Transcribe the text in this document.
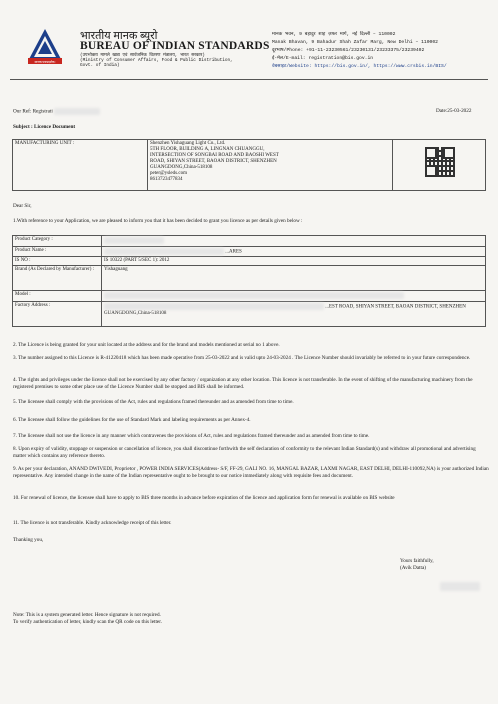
मानक:पथप्रदर्शक:
भारतीय मानक ब्यूरो
BUREAU OF INDIAN STANDARDS
(उपभोक्ता मामले खाद्य एवं सार्वजनिक वितरण मंत्रालय, भारत सरकार)
(Ministry of Consumer Affairs, Food & Public Distribution,
Govt. of India)
मानक भवन, 9 बहादुर शाह ज़फर मार्ग, नई दिल्ली – 110002
Manak Bhavan, 9 Bahadur Shah Zafar Marg, New Delhi – 110002
दूरभाष/Phone: +91-11-23230561/23230131/23233375/23239402
ई-मेल/E-mail: registration@bis.gov.in
वेबसाइट/Website: https://bis.gov.in/, https://www.crsbis.in/BIS/
Our Ref: Registrati	Date:25-03-2022
Subject : Licence Document
MANUFACTURING UNIT :	Shenzhen Yishaguang Light Co., Ltd.
5TH FLOOR, BUILDING A, LINGNAN CHUANGGU,
INTERSECTION OF SONGBAI ROAD AND BAOSHI WEST
ROAD, SHIYAN STREET, BAOAN DISTRICT, SHENZHEN
GUANGDONG,China-518108
peter@ysleds.com
8613723477834

Dear Sir,
1.With reference to your Application, we are pleased to inform you that it has been decided to grant you licence as per details given below :
Product Category :	
Product Name :	...ARES
IS NO :	IS 10322 (PART 5/SEC 1): 2012
Brand (As Declared by Manufacturer) :	Yishaguang
Model :	
Factory Address :	...EST ROAD, SHIYAN STREET, BAOAN DISTRICT, SHENZHEN GUANGDONG,China-518108
2. The Licence is being granted for your unit located at the address and for the brand and models mentioned at serial no 1 above.
3. The number assigned to this Licence is R-41220418 which has been made operative from 25-03-2022 and is valid upto 24-03-2024 . The Licence Number should invariably be referred to in your future correspondence.
4. The rights and privileges under the licence shall not be exercised by any other factory / organization at any other location. This licence is not transferable. In the event of shifting of the manufacturing machinery from the registered premises to some other place use of the Licence Number shall be stopped and BIS shall be informed.
5. The licensee shall comply with the provisions of the Act, rules and regulations framed thereunder and as amended from time to time.
6. The licensee shall follow the guidelines for the use of Standard Mark and labeling requirements as per Annex-4.
7. The licensee shall not use the licence in any manner which contravenes the provisions of Act, rules and regulations framed thereunder and as amended from time to time.
8. Upon expiry of validity, stoppage or suspension or cancellation of licence, you shall discontinue forthwith the self declaration of conformity to the relevant Indian Standard(s) and withdraw all promotional and advertising matter which contains any reference thereto.
9. As per your declaration, ANAND DWIVEDI, Proprietor , POWER INDIA SERVICES(Address- S/F, FF-29, GALI NO. 16, MANGAL BAZAR, LAXMI NAGAR, EAST DELHI, DELHI-110092,NA) is your authorized Indian representative. Any intended change in the name of the Indian representative ought to be brought to our notice immediately along with requisite fees and document.
10. For renewal of licence, the licensee shall have to apply to BIS three months in advance before expiration of the licence and application form for renewal is available on BIS website
11. The licence is not transferable. Kindly acknowledge receipt of this letter.
Thanking you,
Yours faithfully,
(Avik Datta)
Note: This is a system generated letter. Hence signature is not required.
To verify authentication of letter, kindly scan the QR code on this letter.
